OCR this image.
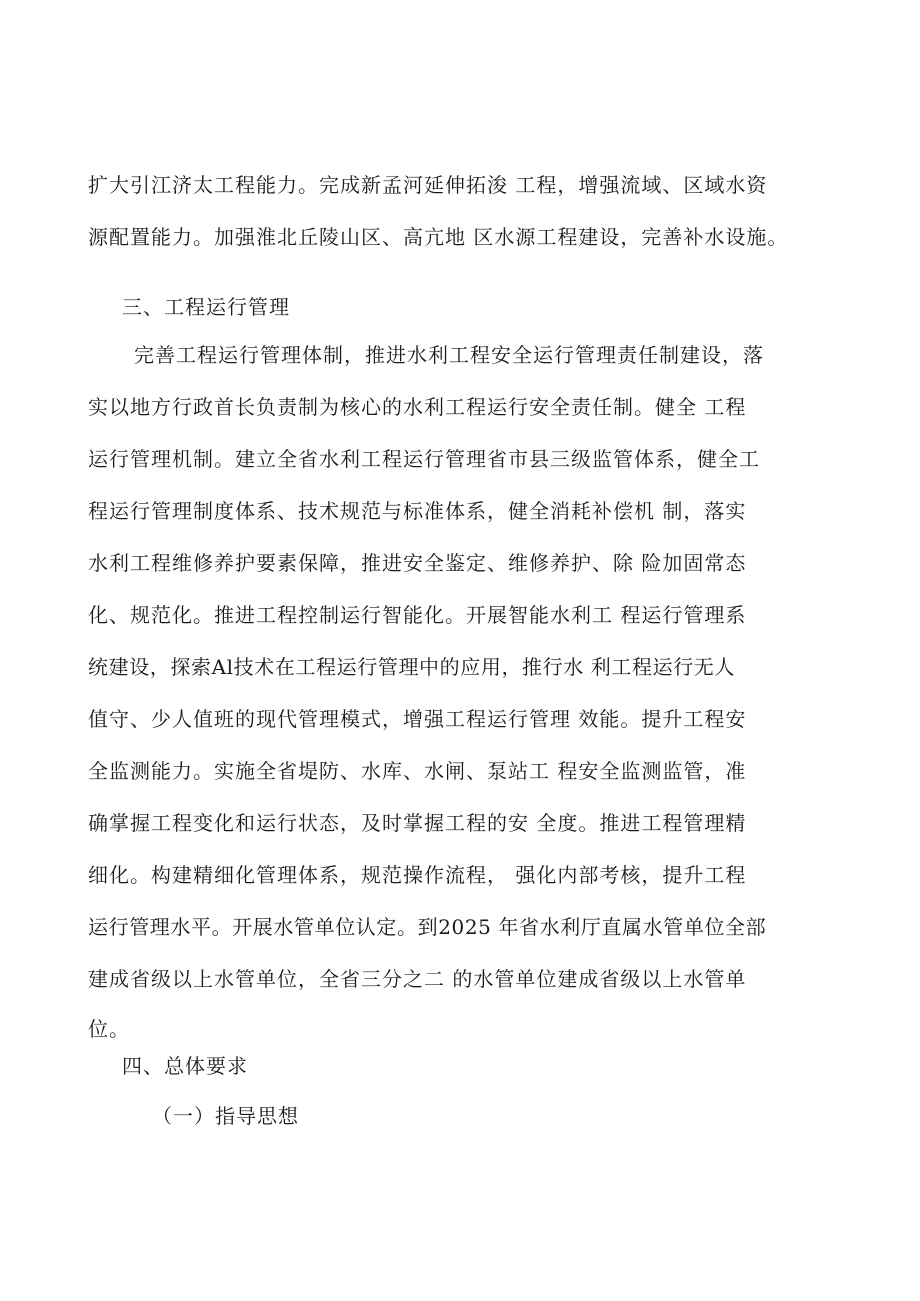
扩大引江济太工程能力。完成新孟河延伸拓浚 工程，增强流域、区域水资

源配置能力。加强淮北丘陵山区、高亢地 区水源工程建设，完善补水设施。

三、工程运行管理

完善工程运行管理体制，推进水利工程安全运行管理责任制建设，落

实以地方行政首长负责制为核心的水利工程运行安全责任制。健全 工程

运行管理机制。建立全省水利工程运行管理省市县三级监管体系，健全工

程运行管理制度体系、技术规范与标准体系，健全消耗补偿机 制，落实

水利工程维修养护要素保障，推进安全鉴定、维修养护、除 险加固常态

化、规范化。推进工程控制运行智能化。开展智能水利工 程运行管理系

统建设，探索Al技术在工程运行管理中的应用，推行水 利工程运行无人

值守、少人值班的现代管理模式，增强工程运行管理 效能。提升工程安

全监测能力。实施全省堤防、水库、水闸、泵站工 程安全监测监管，准

确掌握工程变化和运行状态，及时掌握工程的安 全度。推进工程管理精

细化。构建精细化管理体系，规范操作流程， 强化内部考核，提升工程

运行管理水平。开展水管单位认定。到2025 年省水利厅直属水管单位全部

建成省级以上水管单位，全省三分之二 的水管单位建成省级以上水管单

位。

四、总体要求

（一）指导思想
